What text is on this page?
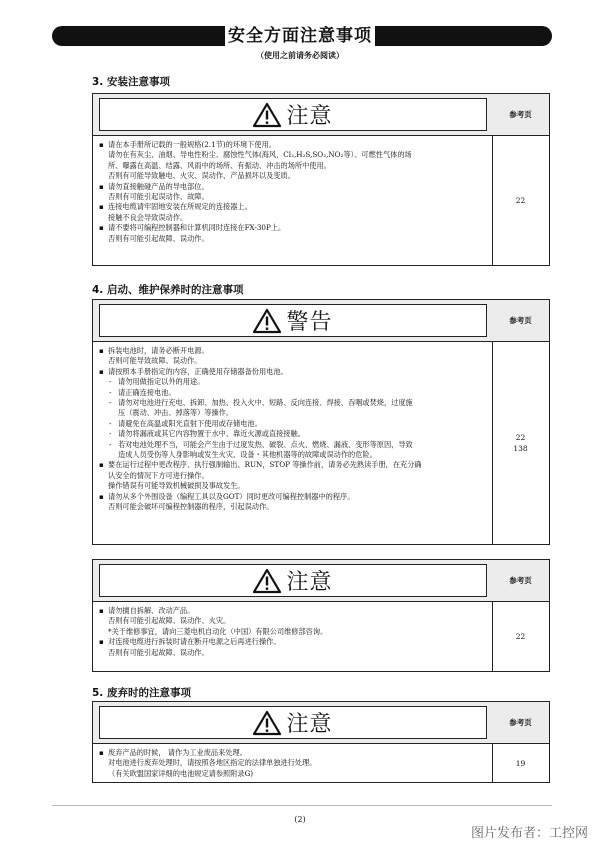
安全方面注意事项
（使用之前请务必阅读）
3. 安装注意事项
注意	参考页
▪ 请在本手册所记载的一般规格(2.1节)的环境下使用。
请勿在有灰尘、油烟、导电性粉尘、腐蚀性气体(海风，Cl₂,H₂S,SO₂,NO₂等）、可燃性气体的场
所、曝露在高温、结露、风雨中的场所、有振动、冲击的场所中使用。
否则有可能导致触电、火灾、误动作、产品损坏以及变质。
▪ 请勿直接触碰产品的导电部位。
否则有可能引起误动作、故障。
▪ 连接电缆请牢固地安装在所规定的连接器上。
接触不良会导致误动作。
▪ 请不要将可编程控制器和计算机同时连接在FX-30P上。
否则有可能引起故障、误动作。
22
4. 启动、维护保养时的注意事项
警告	参考页
▪ 拆装电池时，请务必断开电源。
否则可能导致故障、误动作。
▪ 请按照本手册指定的内容，正确使用存储器备份用电池。
- 请勿用做指定以外的用途。
- 请正确连接电池。
- 请勿对电池进行充电、拆卸、加热、投入火中、短路、反向连接、焊接、吞咽或焚烧，过度施
压（震动、冲击、掉落等）等操作。
- 请避免在高温或阳光直射下使用或存储电池。
- 请勿将漏液或其它内容物置于水中、靠近火源或直接接触。
- 若对电池处理不当，可能会产生由于过度发热、破裂、点火、燃烧、漏液、变形等原因，导致
造成人员受伤等人身影响或发生火灾、设备・其他机器等的故障或误动作的危险。
▪ 要在运行过程中更改程序、执行强制输出、RUN，STOP 等操作前，请务必先熟读手册，在充分确
认安全的情况下方可进行操作。
操作错误有可能导致机械破损及事故发生。
▪ 请勿从多个外围设备（编程工具以及GOT）同时更改可编程控制器中的程序。
否则可能会破坏可编程控制器的程序，引起误动作。
22
138
注意	参考页
▪ 请勿擅自拆解、改动产品。
否则有可能引起故障、误动作、火灾。
*关于维修事宜，请向三菱电机自动化（中国）有限公司维修部咨询。
▪ 对连接电缆进行拆装时请在断开电源之后再进行操作。
否则有可能引起故障、误动作。
22
5. 废弃时的注意事项
注意	参考页
▪ 废弃产品的时候， 请作为工业废品来处理。
对电池进行废弃处理时，请按照各地区指定的法律单独进行处理。
（有关欧盟国家详细的电池规定请参照附录G)
19
(2)
图片发布者：工控网
